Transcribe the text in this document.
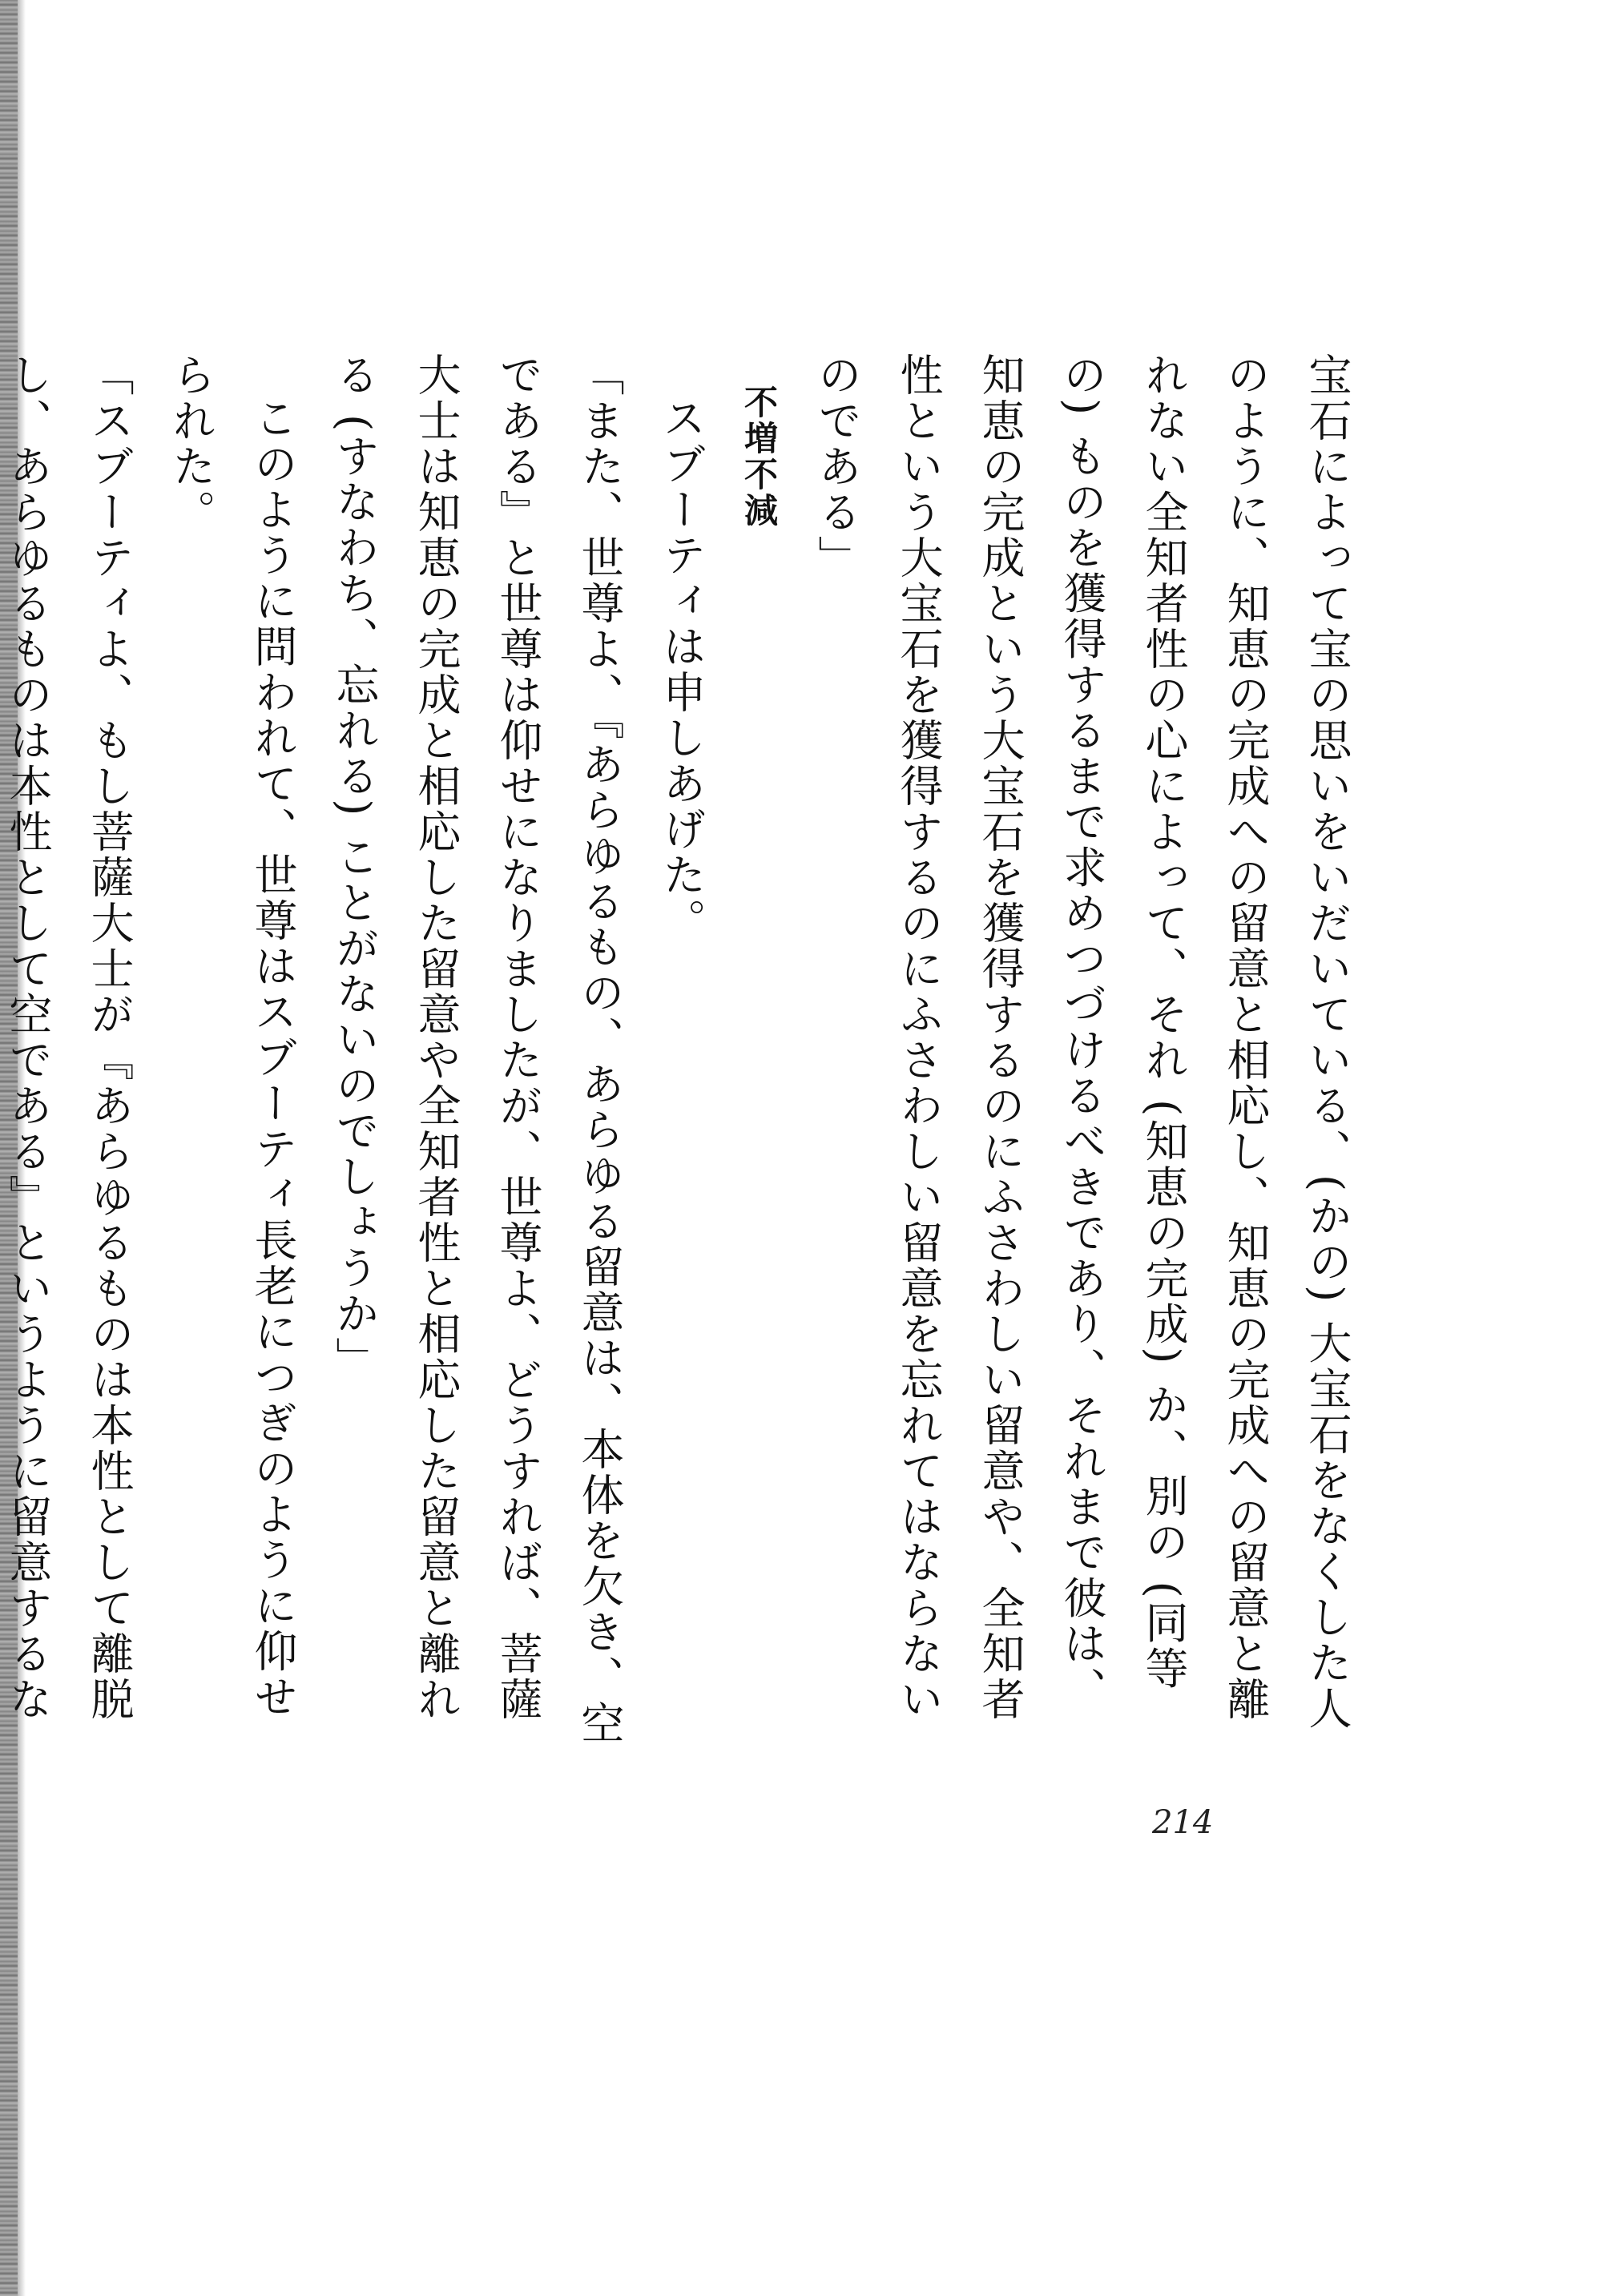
宝石によって宝の思いをいだいている、(かの) 大宝石をなくした人のように、知恵の完成への留意と相応し、知恵の完成への留意と離れない全知者性の心によって、それ (知恵の完成) か、別の (同等の) ものを獲得するまで求めつづけるべきであり、それまで彼は、知恵の完成という大宝石を獲得するのにふさわしい留意や、全知者性という大宝石を獲得するのにふさわしい留意を忘れてはならないのである」
不増不減
スブーティは申しあげた。
「また、世尊よ、『あらゆるもの、あらゆる留意は、本体を欠き、空である』と世尊は仰せになりましたが、世尊よ、どうすれば、菩薩大士は知恵の完成と相応した留意や全知者性と相応した留意と離れる (すなわち、忘れる) ことがないのでしょうか」
このように問われて、世尊はスブーティ長老につぎのように仰せられた。
「スブーティよ、もし菩薩大士が『あらゆるものは本性として離脱し、あらゆるものは本性として空である』というように留意するな
214
